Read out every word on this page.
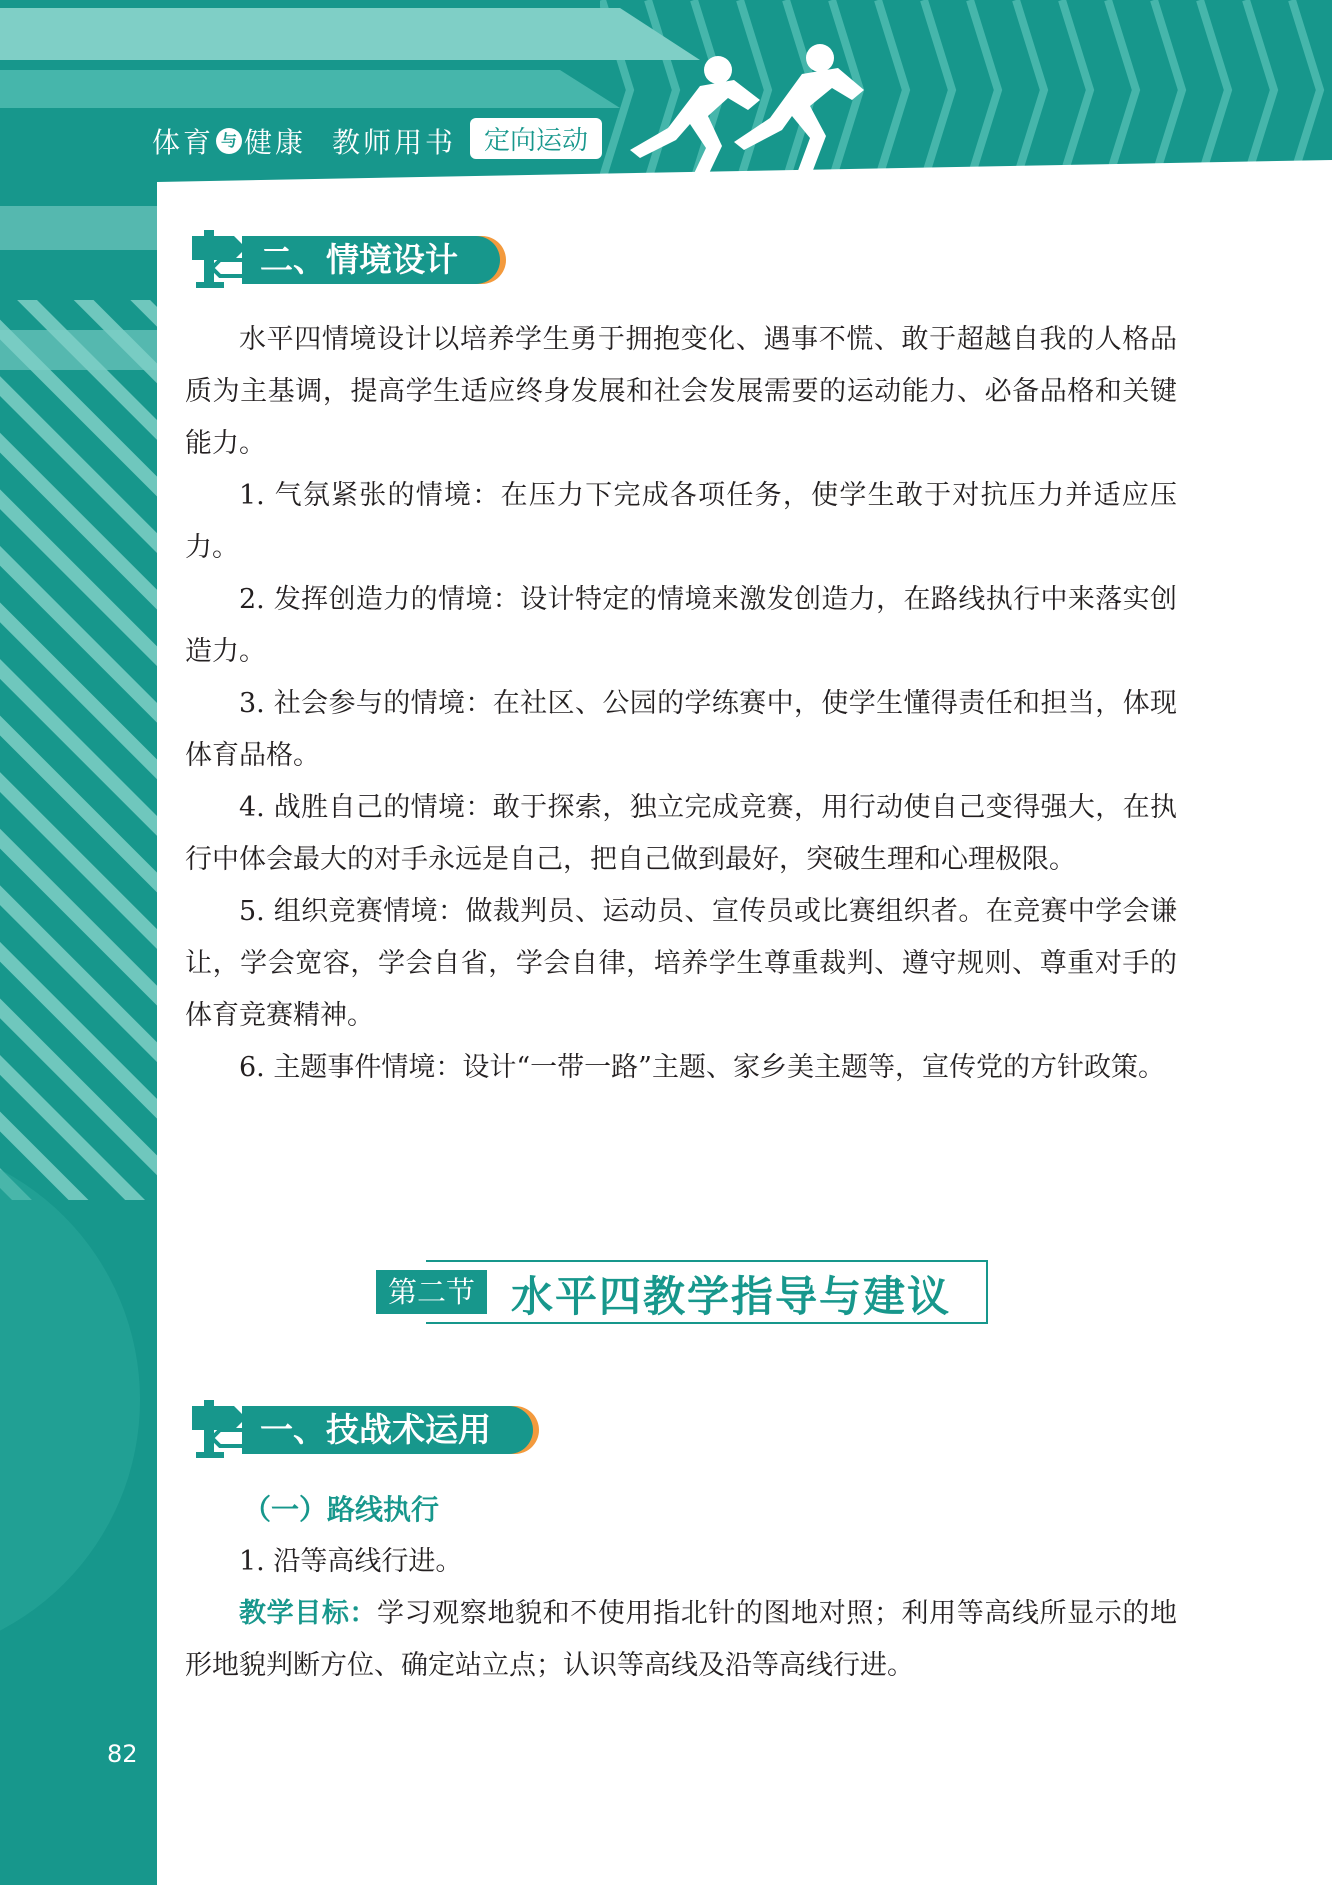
体育 与 健康 教师用书	定向运动
二、情境设计

水平四情境设计以培养学生勇于拥抱变化、遇事不慌、敢于超越自我的人格品质为主基调，提高学生适应终身发展和社会发展需要的运动能力、必备品格和关键能力。

1. 气氛紧张的情境：在压力下完成各项任务，使学生敢于对抗压力并适应压力。

2. 发挥创造力的情境：设计特定的情境来激发创造力，在路线执行中来落实创造力。

3. 社会参与的情境：在社区、公园的学练赛中，使学生懂得责任和担当，体现体育品格。

4. 战胜自己的情境：敢于探索，独立完成竞赛，用行动使自己变得强大，在执行中体会最大的对手永远是自己，把自己做到最好，突破生理和心理极限。

5. 组织竞赛情境：做裁判员、运动员、宣传员或比赛组织者。在竞赛中学会谦让，学会宽容，学会自省，学会自律，培养学生尊重裁判、遵守规则、尊重对手的体育竞赛精神。

6. 主题事件情境：设计“一带一路”主题、家乡美主题等，宣传党的方针政策。

第二节 水平四教学指导与建议
一、技战术运用
（一）路线执行

1. 沿等高线行进。

教学目标：学习观察地貌和不使用指北针的图地对照；利用等高线所显示的地形地貌判断方位、确定站立点；认识等高线及沿等高线行进。

82
